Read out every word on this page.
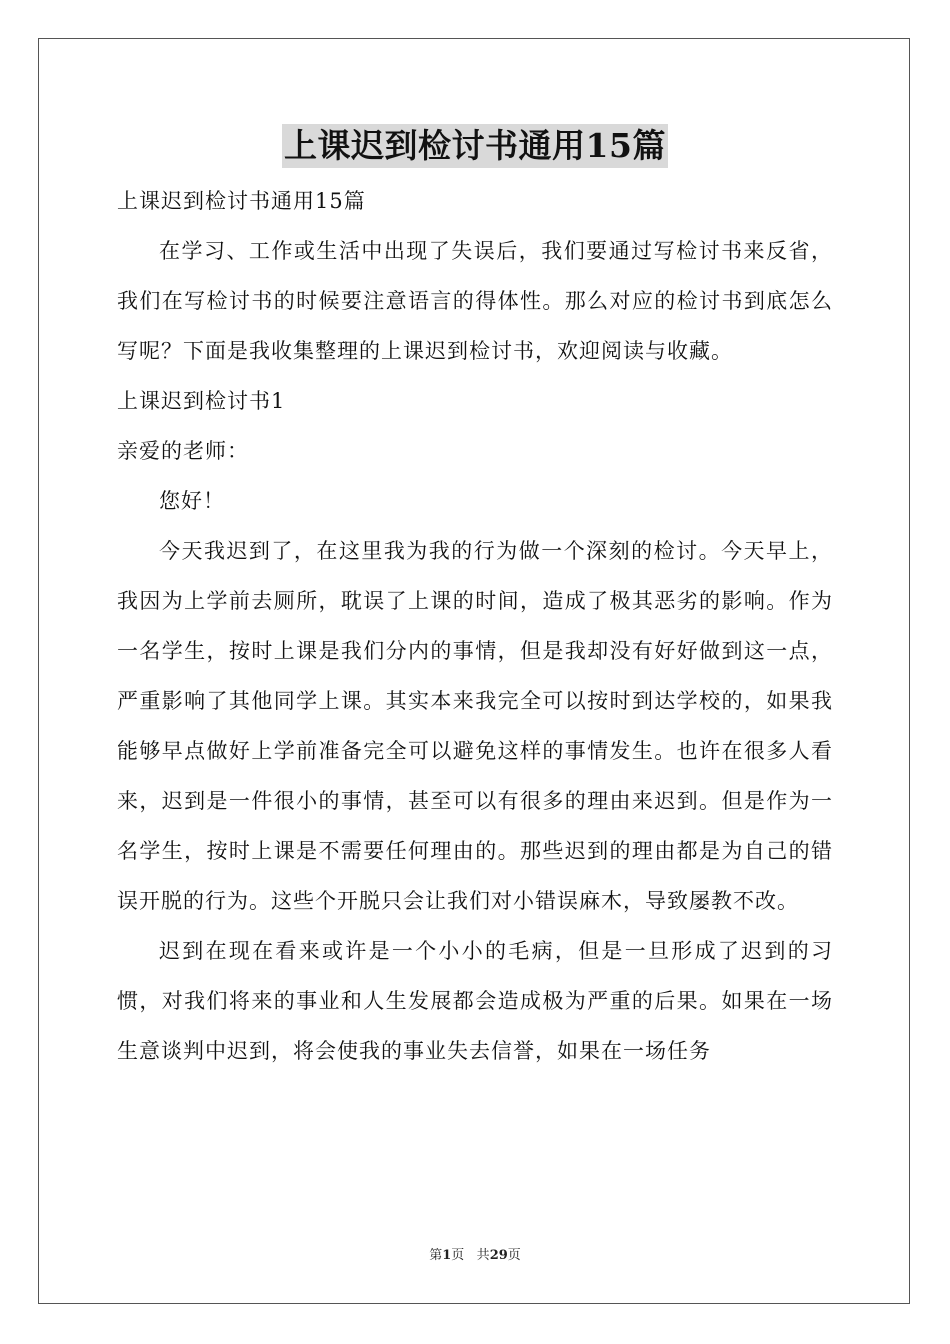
上课迟到检讨书通用15篇

上课迟到检讨书通用15篇

在学习、工作或生活中出现了失误后，我们要通过写检讨书来反省，我们在写检讨书的时候要注意语言的得体性。那么对应的检讨书到底怎么写呢？下面是我收集整理的上课迟到检讨书，欢迎阅读与收藏。

上课迟到检讨书1

亲爱的老师：

您好！

今天我迟到了，在这里我为我的行为做一个深刻的检讨。今天早上，我因为上学前去厕所，耽误了上课的时间，造成了极其恶劣的影响。作为一名学生，按时上课是我们分内的事情，但是我却没有好好做到这一点，严重影响了其他同学上课。其实本来我完全可以按时到达学校的，如果我能够早点做好上学前准备完全可以避免这样的事情发生。也许在很多人看来，迟到是一件很小的事情，甚至可以有很多的理由来迟到。但是作为一名学生，按时上课是不需要任何理由的。那些迟到的理由都是为自己的错误开脱的行为。这些个开脱只会让我们对小错误麻木，导致屡教不改。

迟到在现在看来或许是一个小小的毛病，但是一旦形成了迟到的习惯，对我们将来的事业和人生发展都会造成极为严重的后果。如果在一场生意谈判中迟到，将会使我的事业失去信誉，如果在一场任务

第1页 共29页
